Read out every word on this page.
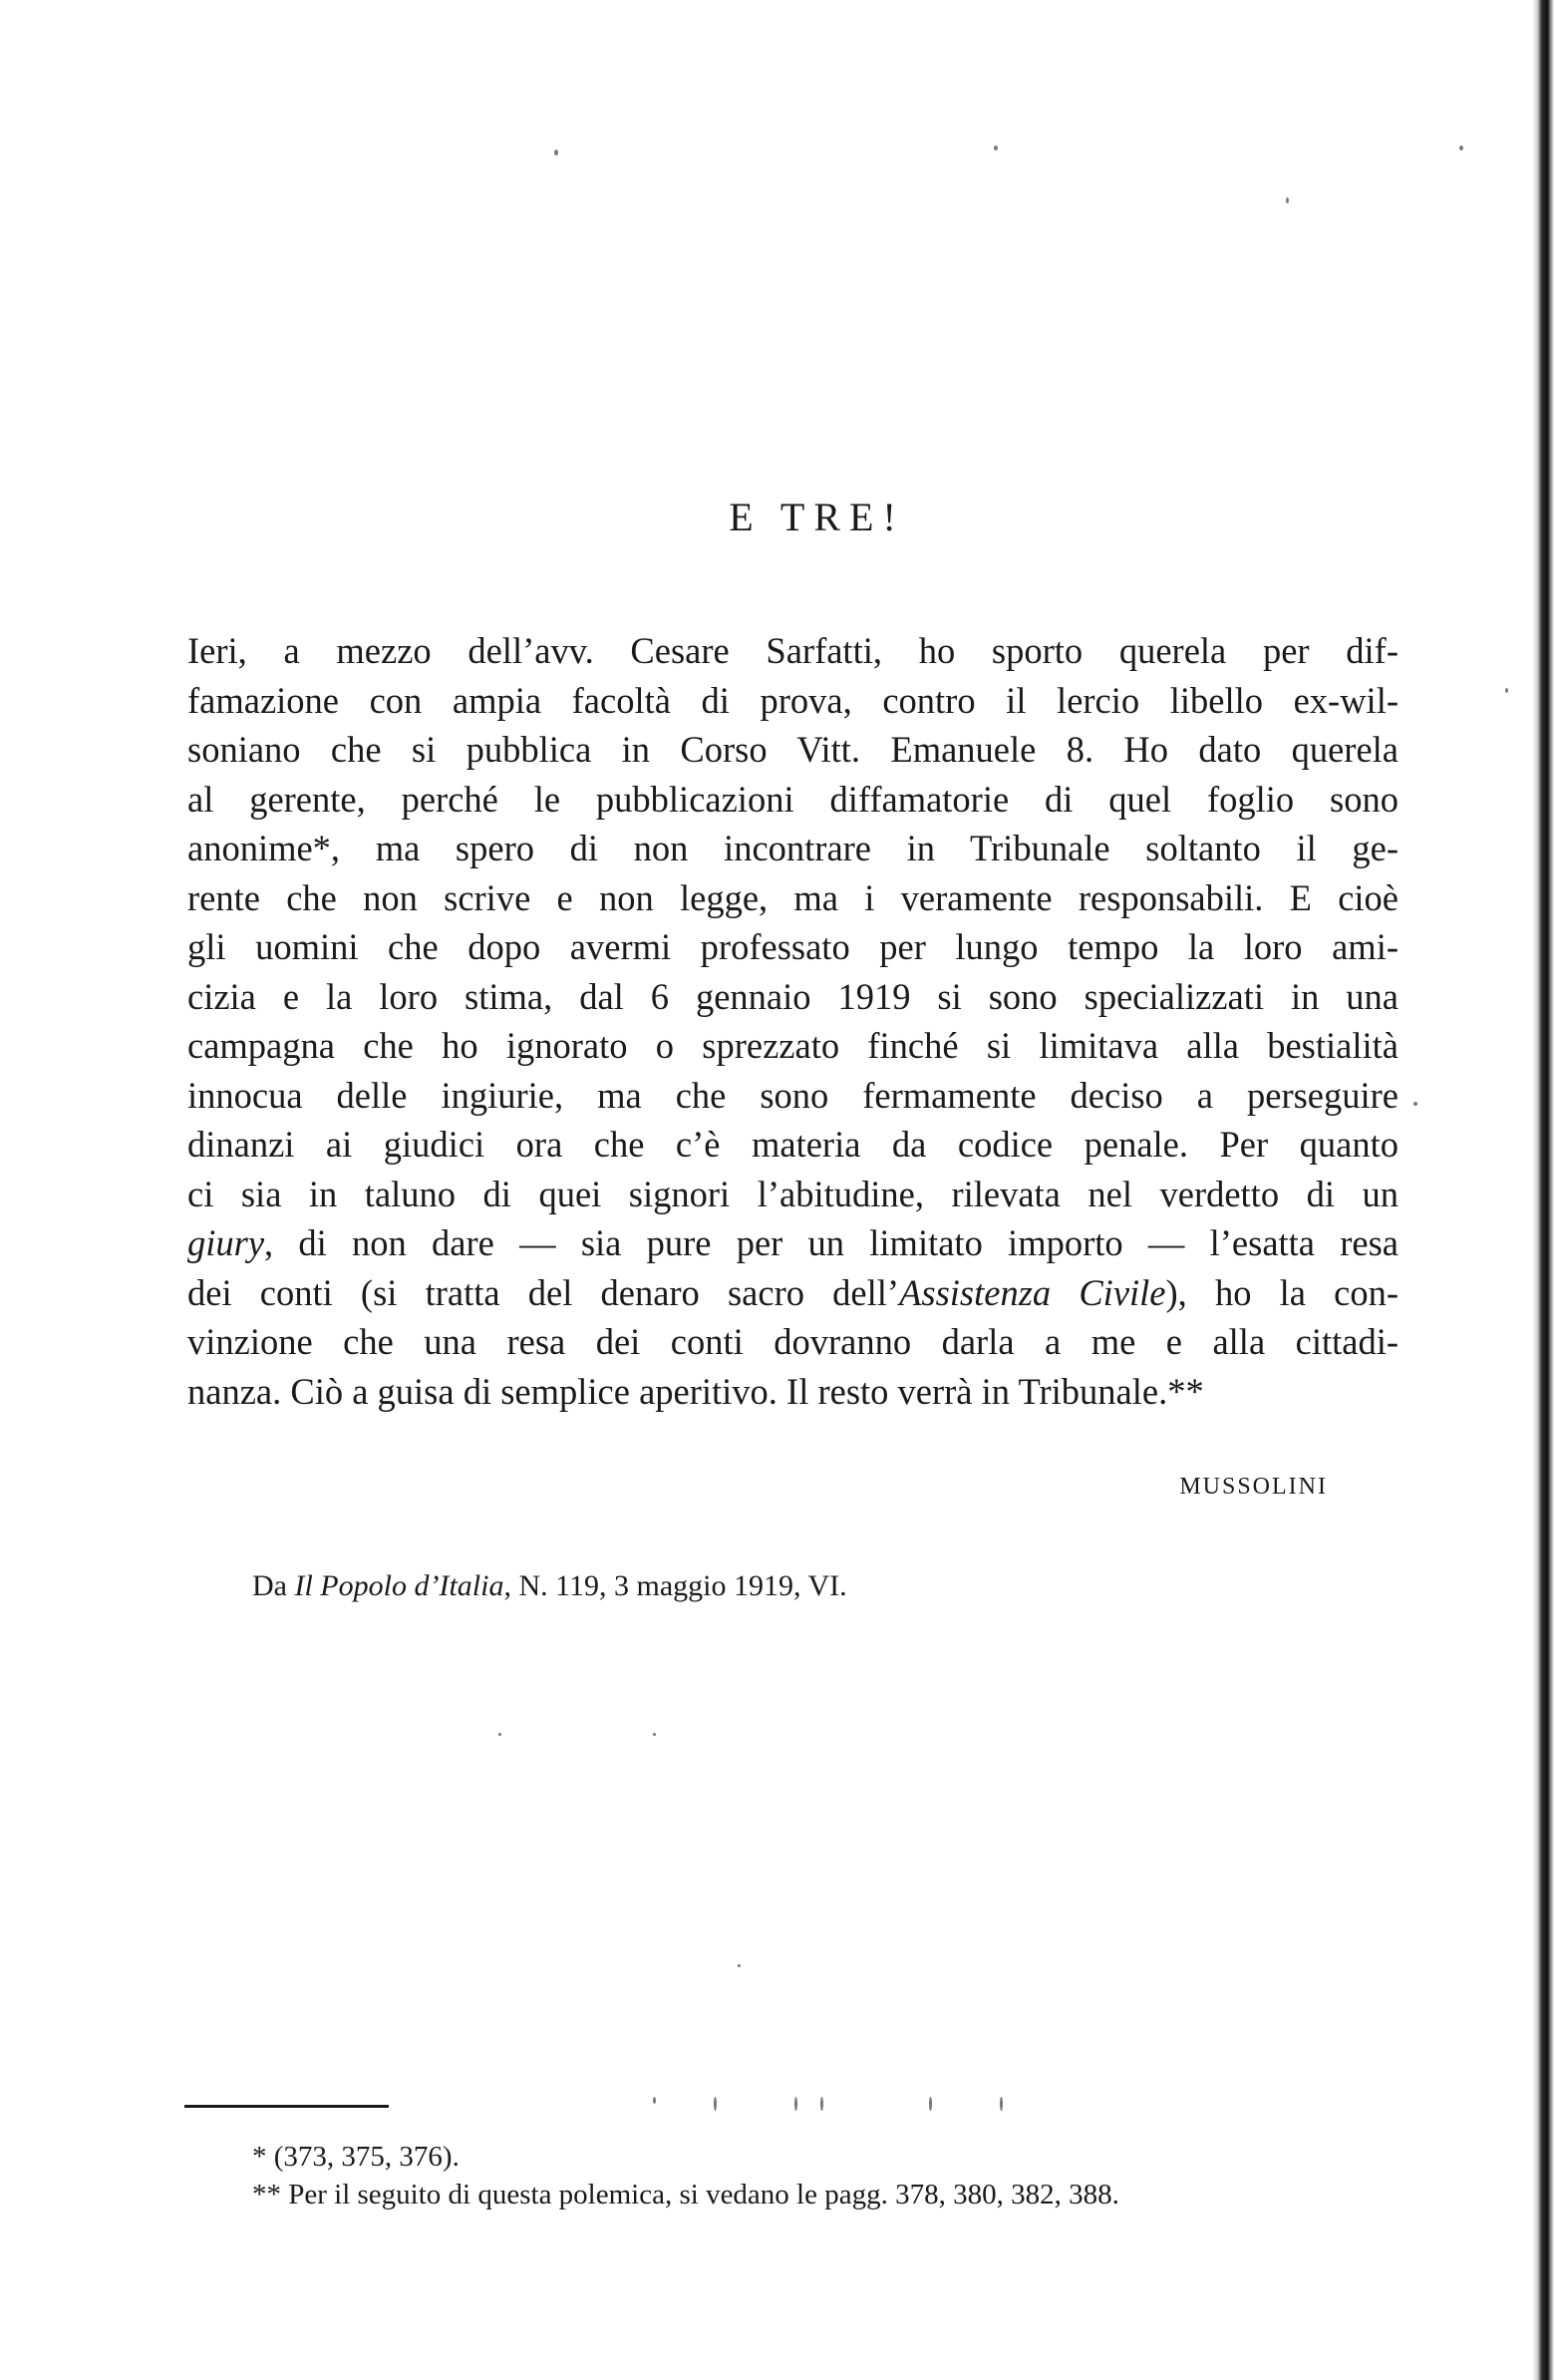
E TRE!
Ieri, a mezzo dell’avv. Cesare Sarfatti, ho sporto querela per dif-
famazione con ampia facoltà di prova, contro il lercio libello ex-wil-
soniano che si pubblica in Corso Vitt. Emanuele 8. Ho dato querela
al gerente, perché le pubblicazioni diffamatorie di quel foglio sono
anonime*, ma spero di non incontrare in Tribunale soltanto il ge-
rente che non scrive e non legge, ma i veramente responsabili. E cioè
gli uomini che dopo avermi professato per lungo tempo la loro ami-
cizia e la loro stima, dal 6 gennaio 1919 si sono specializzati in una
campagna che ho ignorato o sprezzato finché si limitava alla bestialità
innocua delle ingiurie, ma che sono fermamente deciso a perseguire
dinanzi ai giudici ora che c’è materia da codice penale. Per quanto
ci sia in taluno di quei signori l’abitudine, rilevata nel verdetto di un
giury, di non dare — sia pure per un limitato importo — l’esatta resa
dei conti (si tratta del denaro sacro dell’Assistenza Civile), ho la con-
vinzione che una resa dei conti dovranno darla a me e alla cittadi-
nanza. Ciò a guisa di semplice aperitivo. Il resto verrà in Tribunale.**
MUSSOLINI
Da Il Popolo d’Italia, N. 119, 3 maggio 1919, VI.
* (373, 375, 376).
** Per il seguito di questa polemica, si vedano le pagg. 378, 380, 382, 388.
